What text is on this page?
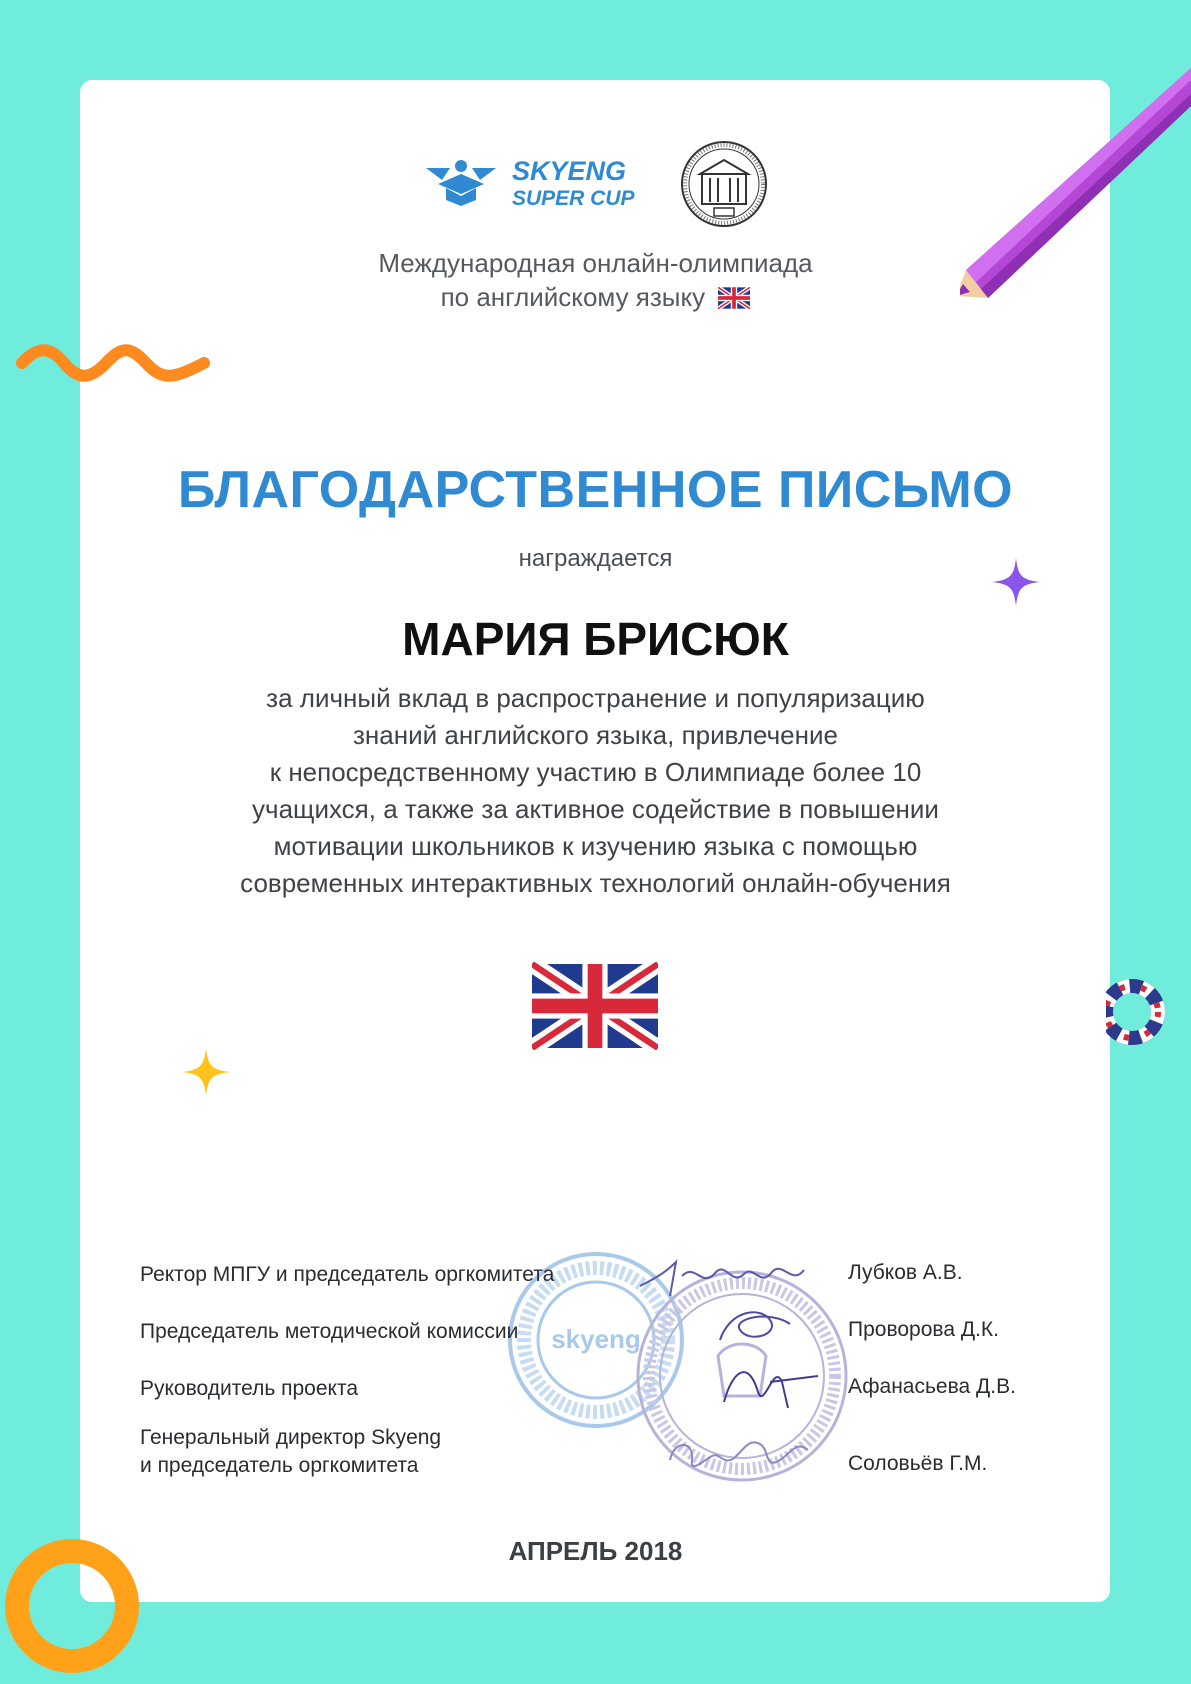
SKYENG
SUPER CUP
Международная онлайн-олимпиада
по английскому языку
БЛАГОДАРСТВЕННОЕ ПИСЬМО
награждается
МАРИЯ БРИСЮК
за личный вклад в распространение и популяризацию
знаний английского языка, привлечение
к непосредственному участию в Олимпиаде более 10
учащихся, а также за активное содействие в повышении
мотивации школьников к изучению языка с помощью
современных интерактивных технологий онлайн-обучения
skyeng
Ректор МПГУ и председатель оргкомитета	Лубков А.В.
Председатель методической комиссии	Проворова Д.К.
Руководитель проекта	Афанасьева Д.В.
Генеральный директор Skyeng
и председатель оргкомитета	Соловьёв Г.М.
АПРЕЛЬ 2018
